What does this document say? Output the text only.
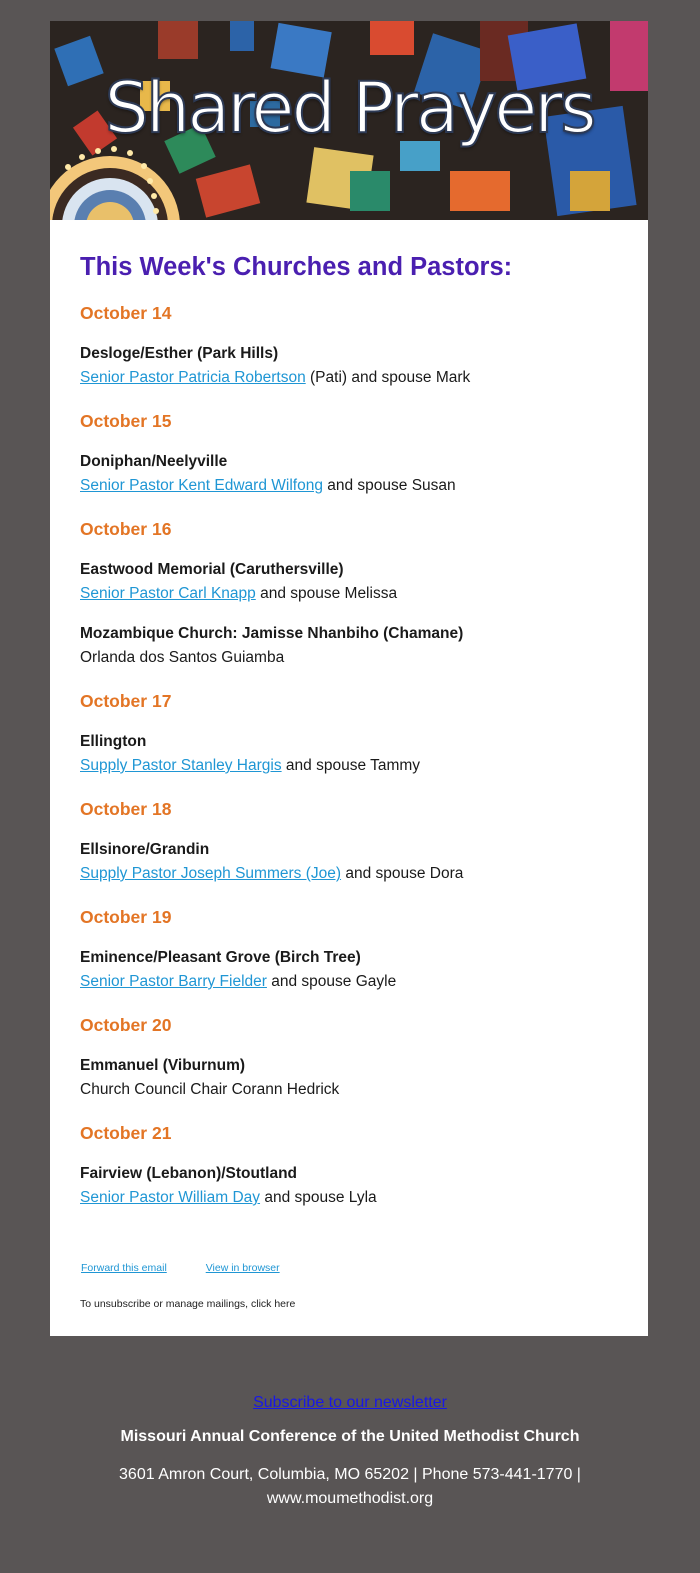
Shared Prayers
This Week's Churches and Pastors:
October 14
Desloge/Esther (Park Hills)
Senior Pastor Patricia Robertson (Pati) and spouse Mark
October 15
Doniphan/Neelyville
Senior Pastor Kent Edward Wilfong and spouse Susan
October 16
Eastwood Memorial (Caruthersville)
Senior Pastor Carl Knapp and spouse Melissa
Mozambique Church: Jamisse Nhanbiho (Chamane)
Orlanda dos Santos Guiamba
October 17
Ellington
Supply Pastor Stanley Hargis and spouse Tammy
October 18
Ellsinore/Grandin
Supply Pastor Joseph Summers (Joe) and spouse Dora
October 19
Eminence/Pleasant Grove (Birch Tree)
Senior Pastor Barry Fielder and spouse Gayle
October 20
Emmanuel (Viburnum)
Church Council Chair Corann Hedrick
October 21
Fairview (Lebanon)/Stoutland
Senior Pastor William Day and spouse Lyla
Forward this email	View in browser
To unsubscribe or manage mailings, click here
Subscribe to our newsletter
Missouri Annual Conference of the United Methodist Church
3601 Amron Court, Columbia, MO 65202 | Phone 573-441-1770 |
www.moumethodist.org
